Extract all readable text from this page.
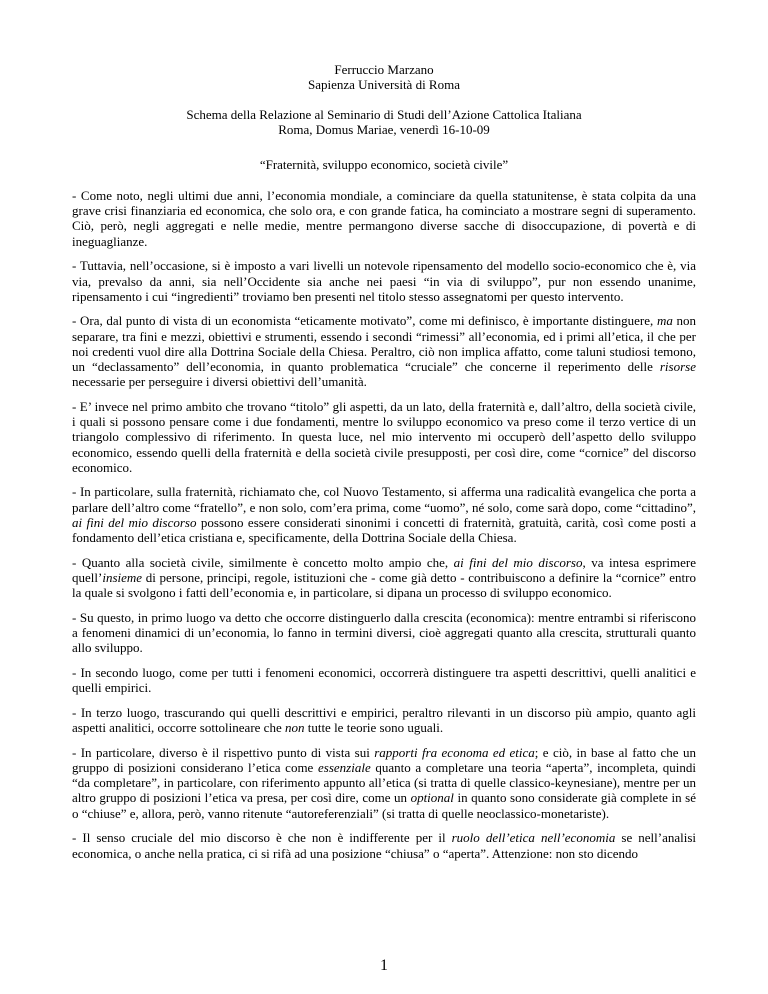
Ferruccio Marzano
Sapienza Università di Roma
Schema della Relazione al Seminario di Studi dell’Azione Cattolica Italiana
Roma, Domus Mariae, venerdì 16-10-09
“Fraternità, sviluppo economico, società civile”

- Come noto, negli ultimi due anni, l’economia mondiale, a cominciare da quella statunitense, è stata colpita da una grave crisi finanziaria ed economica, che solo ora, e con grande fatica, ha cominciato a mostrare segni di superamento. Ciò, però, negli aggregati e nelle medie, mentre permangono diverse sacche di disoccupazione, di povertà e di ineguaglianze.

- Tuttavia, nell’occasione, si è imposto a vari livelli un notevole ripensamento del modello socio-economico che è, via via, prevalso da anni, sia nell’Occidente sia anche nei paesi “in via di sviluppo”, pur non essendo unanime, ripensamento i cui “ingredienti” troviamo ben presenti nel titolo stesso assegnatomi per questo intervento.

- Ora, dal punto di vista di un economista “eticamente motivato”, come mi definisco, è importante distinguere, ma non separare, tra fini e mezzi, obiettivi e strumenti, essendo i secondi “rimessi” all’economia, ed i primi all’etica, il che per noi credenti vuol dire alla Dottrina Sociale della Chiesa. Peraltro, ciò non implica affatto, come taluni studiosi temono, un “declassamento” dell’economia, in quanto problematica “cruciale” che concerne il reperimento delle risorse necessarie per perseguire i diversi obiettivi dell’umanità.

- E’ invece nel primo ambito che trovano “titolo” gli aspetti, da un lato, della fraternità e, dall’altro, della società civile, i quali si possono pensare come i due fondamenti, mentre lo sviluppo economico va preso come il terzo vertice di un triangolo complessivo di riferimento. In questa luce, nel mio intervento mi occuperò dell’aspetto dello sviluppo economico, essendo quelli della fraternità e della società civile presupposti, per così dire, come “cornice” del discorso economico.

- In particolare, sulla fraternità, richiamato che, col Nuovo Testamento, si afferma una radicalità evangelica che porta a parlare dell’altro come “fratello”, e non solo, com’era prima, come “uomo”, né solo, come sarà dopo, come “cittadino”, ai fini del mio discorso possono essere considerati sinonimi i concetti di fraternità, gratuità, carità, così come posti a fondamento dell’etica cristiana e, specificamente, della Dottrina Sociale della Chiesa.

- Quanto alla società civile, similmente è concetto molto ampio che, ai fini del mio discorso, va intesa esprimere quell’insieme di persone, principi, regole, istituzioni che - come già detto - contribuiscono a definire la “cornice” entro la quale si svolgono i fatti dell’economia e, in particolare, si dipana un processo di sviluppo economico.

- Su questo, in primo luogo va detto che occorre distinguerlo dalla crescita (economica): mentre entrambi si riferiscono a fenomeni dinamici di un’economia, lo fanno in termini diversi, cioè aggregati quanto alla crescita, strutturali quanto allo sviluppo.

- In secondo luogo, come per tutti i fenomeni economici, occorrerà distinguere tra aspetti descrittivi, quelli analitici e quelli empirici.

- In terzo luogo, trascurando qui quelli descrittivi e empirici, peraltro rilevanti in un discorso più ampio, quanto agli aspetti analitici, occorre sottolineare che non tutte le teorie sono uguali.

- In particolare, diverso è il rispettivo punto di vista sui rapporti fra economa ed etica; e ciò, in base al fatto che un gruppo di posizioni considerano l’etica come essenziale quanto a completare una teoria “aperta”, incompleta, quindi “da completare”, in particolare, con riferimento appunto all’etica (si tratta di quelle classico-keynesiane), mentre per un altro gruppo di posizioni l’etica va presa, per così dire, come un optional in quanto sono considerate già complete in sé o “chiuse” e, allora, però, vanno ritenute “autoreferenziali” (si tratta di quelle neoclassico-monetariste).

- Il senso cruciale del mio discorso è che non è indifferente per il ruolo dell’etica nell’economia se nell’analisi economica, o anche nella pratica, ci si rifà ad una posizione “chiusa” o “aperta”. Attenzione: non sto dicendo

1
